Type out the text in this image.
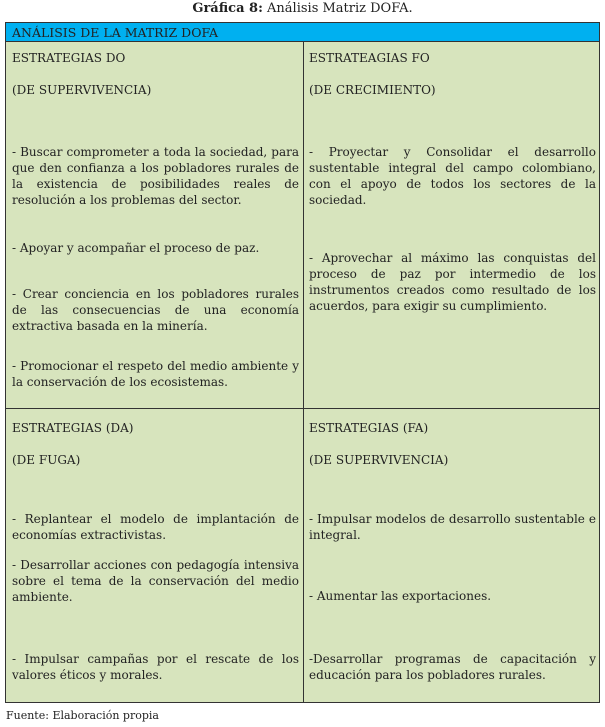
Gráfica 8: Análisis Matriz DOFA.
ANÁLISIS DE LA MATRIZ DOFA

ESTRATEGIAS DO

(DE SUPERVIVENCIA)

- Buscar comprometer a toda la sociedad, para que den confianza a los pobladores rurales de la existencia de posibilidades reales de resolución a los problemas del sector.

- Apoyar y acompañar el proceso de paz.

- Crear conciencia en los pobladores rurales de las consecuencias de una economía extractiva basada en la minería.

- Promocionar el respeto del medio ambiente y la conservación de los ecosistemas.

ESTRATEAGIAS FO

(DE CRECIMIENTO)

- Proyectar y Consolidar el desarrollo sustentable integral del campo colombiano, con el apoyo de todos los sectores de la sociedad.

- Aprovechar al máximo las conquistas del proceso de paz por intermedio de los instrumentos creados como resultado de los acuerdos, para exigir su cumplimiento.

ESTRATEGIAS (DA)

(DE FUGA)

- Replantear el modelo de implantación de economías extractivistas.

- Desarrollar acciones con pedagogía intensiva sobre el tema de la conservación del medio ambiente.

- Impulsar campañas por el rescate de los valores éticos y morales.

ESTRATEGIAS (FA)

(DE SUPERVIVENCIA)

- Impulsar modelos de desarrollo sustentable e integral.

- Aumentar las exportaciones.

-Desarrollar programas de capacitación y educación para los pobladores rurales.

Fuente: Elaboración propia
